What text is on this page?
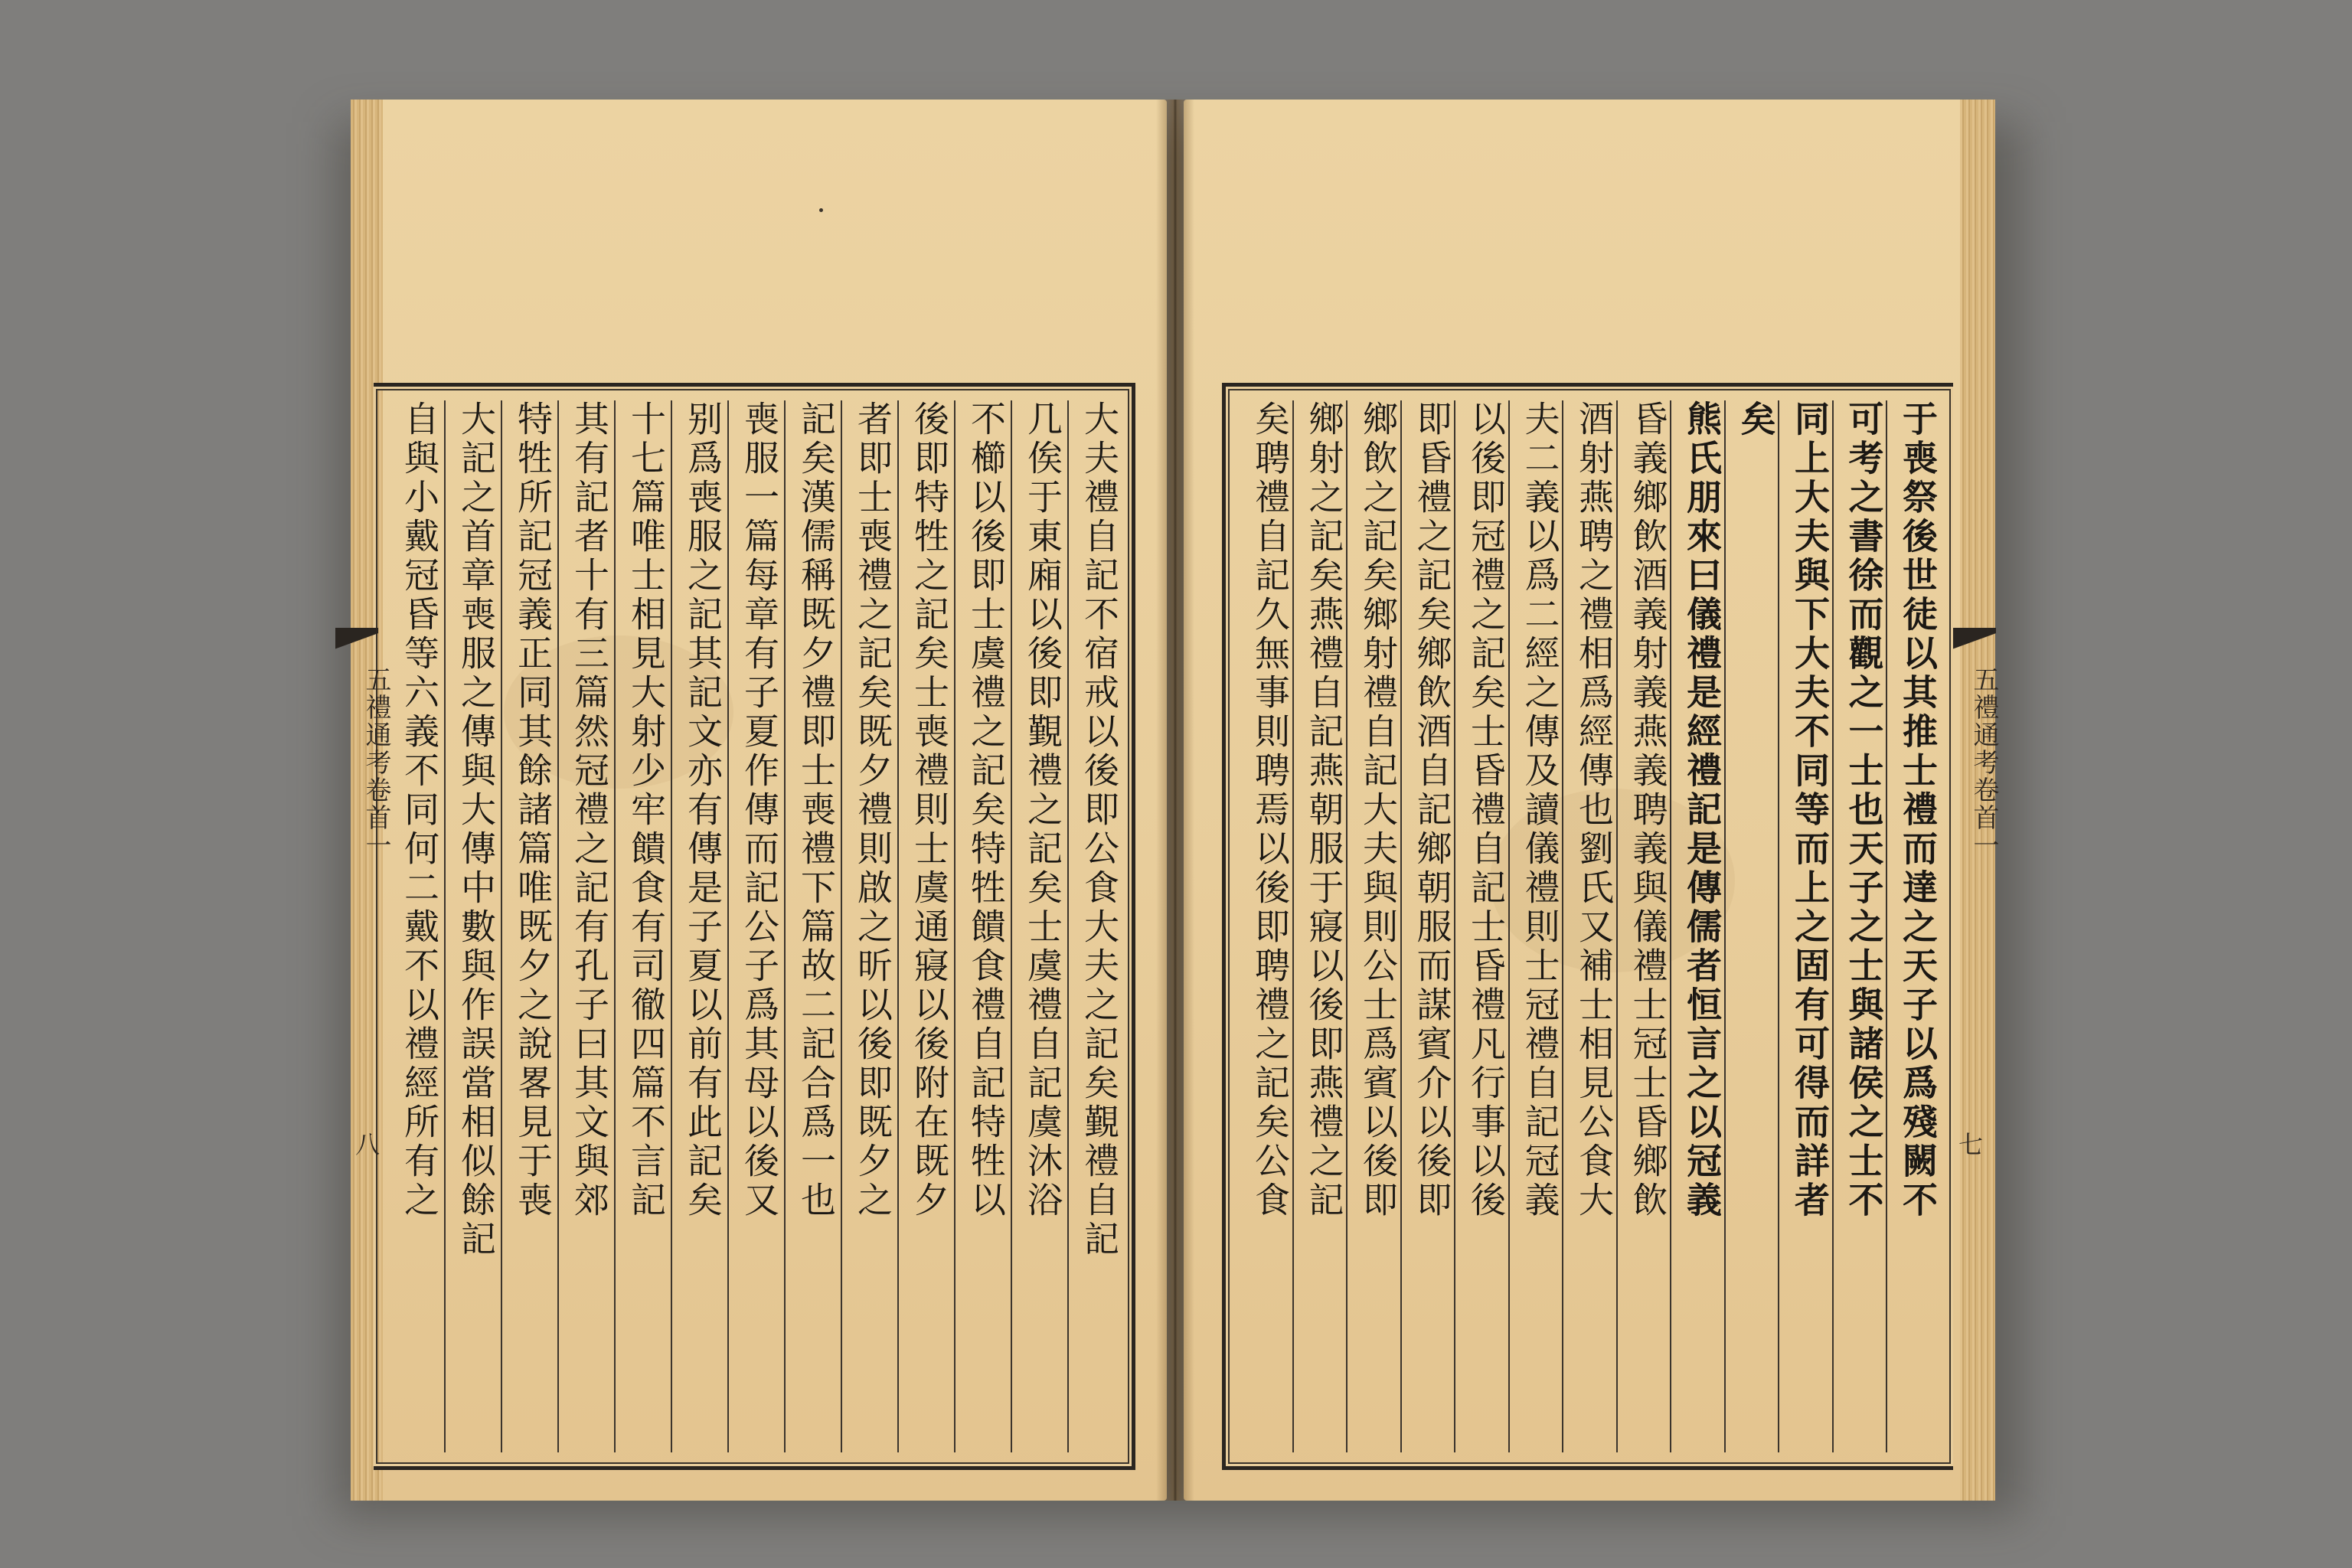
大夫禮自記不宿戒以後即公食大夫之記矣覲禮自記
几俟于東廂以後即覲禮之記矣士虞禮自記虞沐浴
不櫛以後即士虞禮之記矣特牲饋食禮自記特牲以
後即特牲之記矣士喪禮則士虞通寢以後附在既夕
者即士喪禮之記矣既夕禮則啟之昕以後即既夕之
記矣漢儒稱既夕禮即士喪禮下篇故二記合爲一也
喪服一篇每章有子夏作傳而記公子爲其母以後又
别爲喪服之記其記文亦有傳是子夏以前有此記矣
十七篇唯士相見大射少牢饋食有司徹四篇不言記
其有記者十有三篇然冠禮之記有孔子曰其文與郊
特牲所記冠義正同其餘諸篇唯既夕之說畧見于喪
大記之首章喪服之傳與大傳中數與作誤當相似餘記
自與小戴冠昏等六義不同何二戴不以禮經所有之
五禮通考卷首一
八	于喪祭後世徒以其推士禮而達之天子以爲殘闕不
可考之書徐而觀之一士也天子之士與諸侯之士不
同上大夫與下大夫不同等而上之固有可得而詳者
矣
熊氏朋來曰儀禮是經禮記是傳儒者恒言之以冠義
昏義鄉飲酒義射義燕義聘義與儀禮士冠士昏鄉飲
酒射燕聘之禮相爲經傳也劉氏又補士相見公食大
夫二義以爲二經之傳及讀儀禮則士冠禮自記冠義
以後即冠禮之記矣士昏禮自記士昏禮凡行事以後
即昏禮之記矣鄉飲酒自記鄉朝服而謀賓介以後即
鄉飲之記矣鄉射禮自記大夫與則公士爲賓以後即
鄉射之記矣燕禮自記燕朝服于寢以後即燕禮之記
矣聘禮自記久無事則聘焉以後即聘禮之記矣公食	五禮通考卷首一
七
